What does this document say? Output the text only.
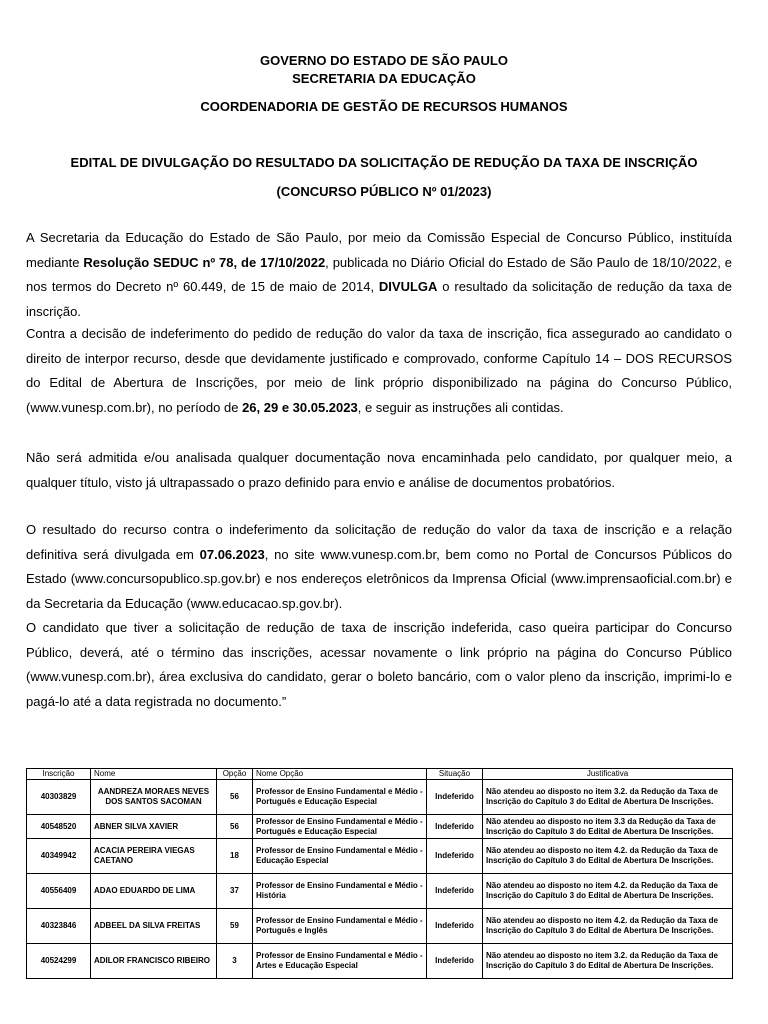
GOVERNO DO ESTADO DE SÃO PAULO
SECRETARIA DA EDUCAÇÃO
COORDENADORIA DE GESTÃO DE RECURSOS HUMANOS
EDITAL DE DIVULGAÇÃO DO RESULTADO DA SOLICITAÇÃO DE REDUÇÃO DA TAXA DE INSCRIÇÃO
(CONCURSO PÚBLICO Nº 01/2023)

A Secretaria da Educação do Estado de São Paulo, por meio da Comissão Especial de Concurso Público, instituída mediante Resolução SEDUC nº 78, de 17/10/2022, publicada no Diário Oficial do Estado de São Paulo de 18/10/2022, e nos termos do Decreto nº 60.449, de 15 de maio de 2014, DIVULGA o resultado da solicitação de redução da taxa de inscrição.

Contra a decisão de indeferimento do pedido de redução do valor da taxa de inscrição, fica assegurado ao candidato o direito de interpor recurso, desde que devidamente justificado e comprovado, conforme Capítulo 14 – DOS RECURSOS do Edital de Abertura de Inscrições, por meio de link próprio disponibilizado na página do Concurso Público, (www.vunesp.com.br), no período de 26, 29 e 30.05.2023, e seguir as instruções ali contidas.

Não será admitida e/ou analisada qualquer documentação nova encaminhada pelo candidato, por qualquer meio, a qualquer título, visto já ultrapassado o prazo definido para envio e análise de documentos probatórios.

O resultado do recurso contra o indeferimento da solicitação de redução do valor da taxa de inscrição e a relação definitiva será divulgada em 07.06.2023, no site www.vunesp.com.br, bem como no Portal de Concursos Públicos do Estado (www.concursopublico.sp.gov.br) e nos endereços eletrônicos da Imprensa Oficial (www.imprensaoficial.com.br) e da Secretaria da Educação (www.educacao.sp.gov.br).

O candidato que tiver a solicitação de redução de taxa de inscrição indeferida, caso queira participar do Concurso Público, deverá, até o término das inscrições, acessar novamente o link próprio na página do Concurso Público (www.vunesp.com.br), área exclusiva do candidato, gerar o boleto bancário, com o valor pleno da inscrição, imprimi-lo e pagá-lo até a data registrada no documento.”

Inscrição	Nome	Opção	Nome Opção	Situação	Justificativa
40303829	AANDREZA MORAES NEVES DOS SANTOS SACOMAN	56	Professor de Ensino Fundamental e Médio - Português e Educação Especial	Indeferido	Não atendeu ao disposto no item 3.2. da Redução da Taxa de Inscrição do Capítulo 3 do Edital de Abertura De Inscrições.
40548520	ABNER SILVA XAVIER	56	Professor de Ensino Fundamental e Médio - Português e Educação Especial	Indeferido	Não atendeu ao disposto no item 3.3 da Redução da Taxa de Inscrição do Capítulo 3 do Edital de Abertura De Inscrições.
40349942	ACACIA PEREIRA VIEGAS CAETANO	18	Professor de Ensino Fundamental e Médio - Educação Especial	Indeferido	Não atendeu ao disposto no item 4.2. da Redução da Taxa de Inscrição do Capítulo 3 do Edital de Abertura De Inscrições.
40556409	ADAO EDUARDO DE LIMA	37	Professor de Ensino Fundamental e Médio - História	Indeferido	Não atendeu ao disposto no item 4.2. da Redução da Taxa de Inscrição do Capítulo 3 do Edital de Abertura De Inscrições.
40323846	ADBEEL DA SILVA FREITAS	59	Professor de Ensino Fundamental e Médio - Português e Inglês	Indeferido	Não atendeu ao disposto no item 4.2. da Redução da Taxa de Inscrição do Capítulo 3 do Edital de Abertura De Inscrições.
40524299	ADILOR FRANCISCO RIBEIRO	3	Professor de Ensino Fundamental e Médio - Artes e Educação Especial	Indeferido	Não atendeu ao disposto no item 3.2. da Redução da Taxa de Inscrição do Capítulo 3 do Edital de Abertura De Inscrições.
